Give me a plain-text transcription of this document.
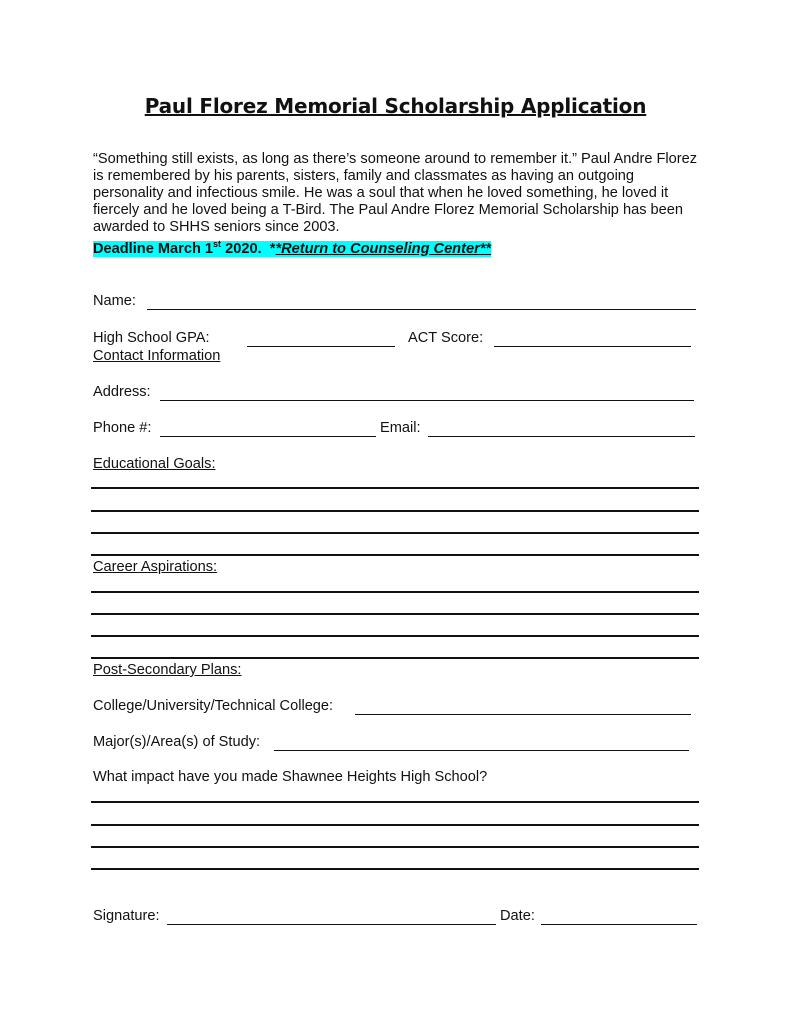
Paul Florez Memorial Scholarship Application
“Something still exists, as long as there’s someone around to remember it.” Paul Andre Florez is remembered by his parents, sisters, family and classmates as having an outgoing personality and infectious smile. He was a soul that when he loved something, he loved it fiercely and he loved being a T-Bird. The Paul Andre Florez Memorial Scholarship has been awarded to SHHS seniors since 2003.
Deadline March 1st 2020.  **Return to Counseling Center**
Name:
High School GPA:	ACT Score:
Contact Information
Address:
Phone #:	Email:
Educational Goals:
Career Aspirations:
Post-Secondary Plans:
College/University/Technical College:
Major(s)/Area(s) of Study:
What impact have you made Shawnee Heights High School?
Signature:	Date:
